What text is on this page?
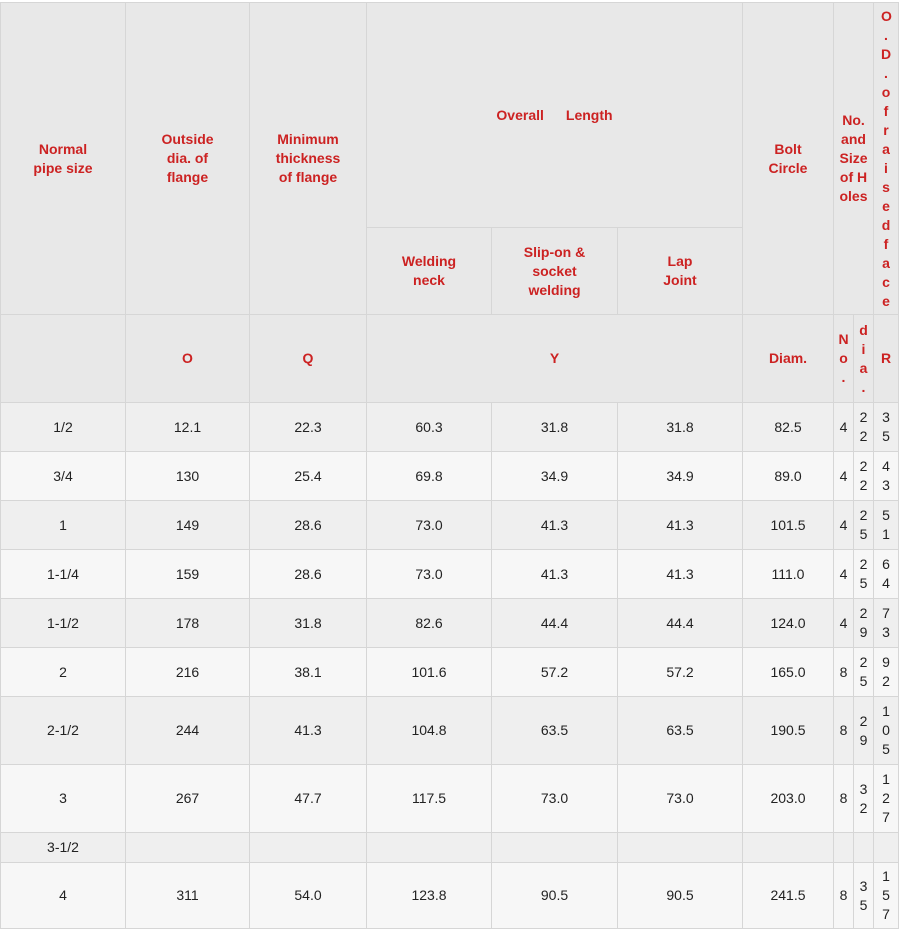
Normal pipe size	Outside dia. of flange	Minimum thickness of flange	Overall Length			Bolt Circle	No. and Size of Holes		O.D.ofraisedface
			Welding neck	Slip-on & socket welding	Lap Joint				
	O	Q	Y			Diam.	No.	dia.	R
1/2	12.1	22.3	60.3	31.8	31.8	82.5	4	22	35
3/4	130	25.4	69.8	34.9	34.9	89.0	4	22	43
1	149	28.6	73.0	41.3	41.3	101.5	4	25	51
1-1/4	159	28.6	73.0	41.3	41.3	111.0	4	25	64
1-1/2	178	31.8	82.6	44.4	44.4	124.0	4	29	73
2	216	38.1	101.6	57.2	57.2	165.0	8	25	92
2-1/2	244	41.3	104.8	63.5	63.5	190.5	8	29	105
3	267	47.7	117.5	73.0	73.0	203.0	8	32	127
3-1/2									
4	311	54.0	123.8	90.5	90.5	241.5	8	35	157
